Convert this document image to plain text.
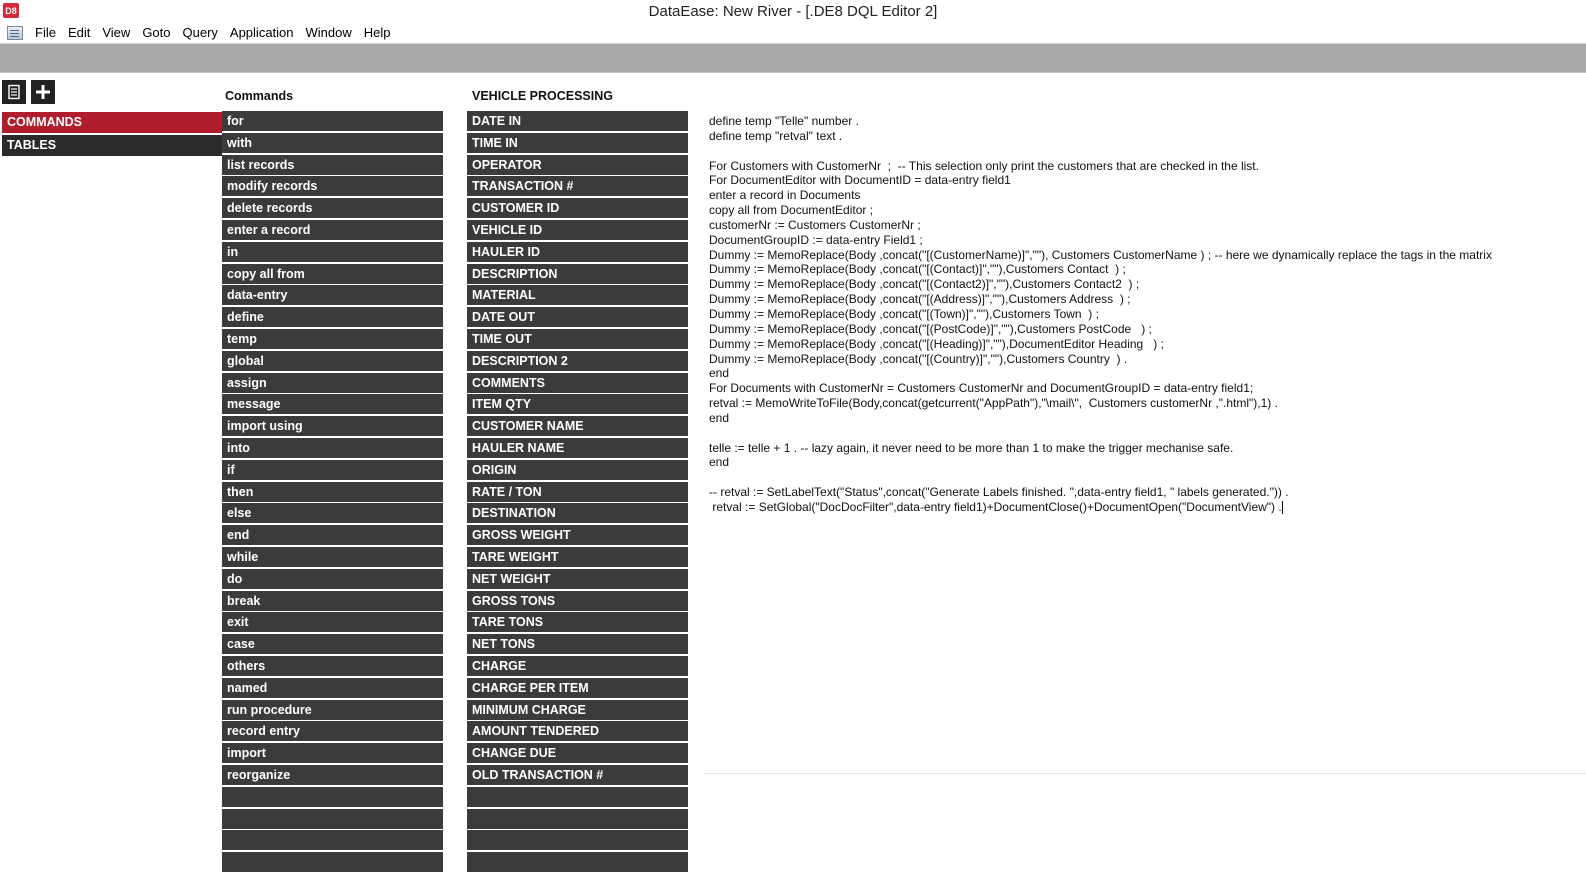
D8	DataEase: New River - [.DE8 DQL Editor 2]
File Edit View Goto Query Application Window Help
COMMANDS
TABLES
Commands	VEHICLE PROCESSING
for
with
list records
modify records
delete records
enter a record
in
copy all from
data-entry
define
temp
global
assign
message
import using
into
if
then
else
end
while
do
break
exit
case
others
named
run procedure
record entry
import
reorganize
DATE IN
TIME IN
OPERATOR
TRANSACTION #
CUSTOMER ID
VEHICLE ID
HAULER ID
DESCRIPTION
MATERIAL
DATE OUT
TIME OUT
DESCRIPTION 2
COMMENTS
ITEM QTY
CUSTOMER NAME
HAULER NAME
ORIGIN
RATE / TON
DESTINATION
GROSS WEIGHT
TARE WEIGHT
NET WEIGHT
GROSS TONS
TARE TONS
NET TONS
CHARGE
CHARGE PER ITEM
MINIMUM CHARGE
AMOUNT TENDERED
CHANGE DUE
OLD TRANSACTION #
define temp "Telle" number .
define temp "retval" text .
For Customers with CustomerNr  ;  -- This selection only print the customers that are checked in the list.
For DocumentEditor with DocumentID = data-entry field1
enter a record in Documents
copy all from DocumentEditor ;
customerNr := Customers CustomerNr ;
DocumentGroupID := data-entry Field1 ;
Dummy := MemoReplace(Body ,concat("[(CustomerName)]",""), Customers CustomerName ) ; -- here we dynamically replace the tags in the matrix
Dummy := MemoReplace(Body ,concat("[(Contact)]",""),Customers Contact  ) ;
Dummy := MemoReplace(Body ,concat("[(Contact2)]",""),Customers Contact2  ) ;
Dummy := MemoReplace(Body ,concat("[(Address)]",""),Customers Address  ) ;
Dummy := MemoReplace(Body ,concat("[(Town)]",""),Customers Town  ) ;
Dummy := MemoReplace(Body ,concat("[(PostCode)]",""),Customers PostCode   ) ;
Dummy := MemoReplace(Body ,concat("[(Heading)]",""),DocumentEditor Heading   ) ;
Dummy := MemoReplace(Body ,concat("[(Country)]",""),Customers Country  ) .
end
For Documents with CustomerNr = Customers CustomerNr and DocumentGroupID = data-entry field1;
retval := MemoWriteToFile(Body,concat(getcurrent("AppPath"),"\mail\",  Customers customerNr ,".html"),1) .
end
telle := telle + 1 . -- lazy again, it never need to be more than 1 to make the trigger mechanise safe.
end
-- retval := SetLabelText("Status",concat("Generate Labels finished. ",data-entry field1, " labels generated.")) .
retval := SetGlobal("DocDocFilter",data-entry field1)+DocumentClose()+DocumentOpen("DocumentView") .
